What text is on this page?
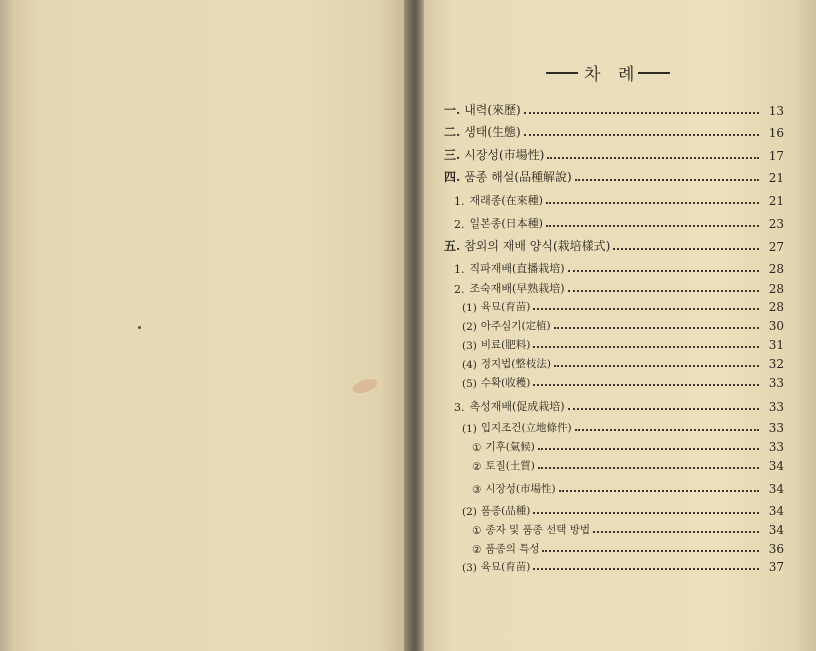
차 례
一. 내력(來歷)	13
二. 생태(生態)	16
三. 시장성(市場性)	17
四. 품종 해설(品種解說)	21
1. 재래종(在來種)	21
2. 일본종(日本種)	23
五. 참외의 재배 양식(栽培樣式)	27
1. 직파재배(直播栽培)	28
2. 조숙재배(早熟栽培)	28
(1) 육묘(育苗)	28
(2) 아주심기(定植)	30
(3) 비료(肥料)	31
(4) 정지법(整枝法)	32
(5) 수확(收穫)	33
3. 촉성재배(促成栽培)	33
(1) 입지조건(立地條件)	33
① 기후(氣候)	33
② 토질(土質)	34
③ 시장성(市場性)	34
(2) 품종(品種)	34
① 종자 및 품종 선택 방법	34
② 품종의 특성	36
(3) 육묘(育苗)	37
